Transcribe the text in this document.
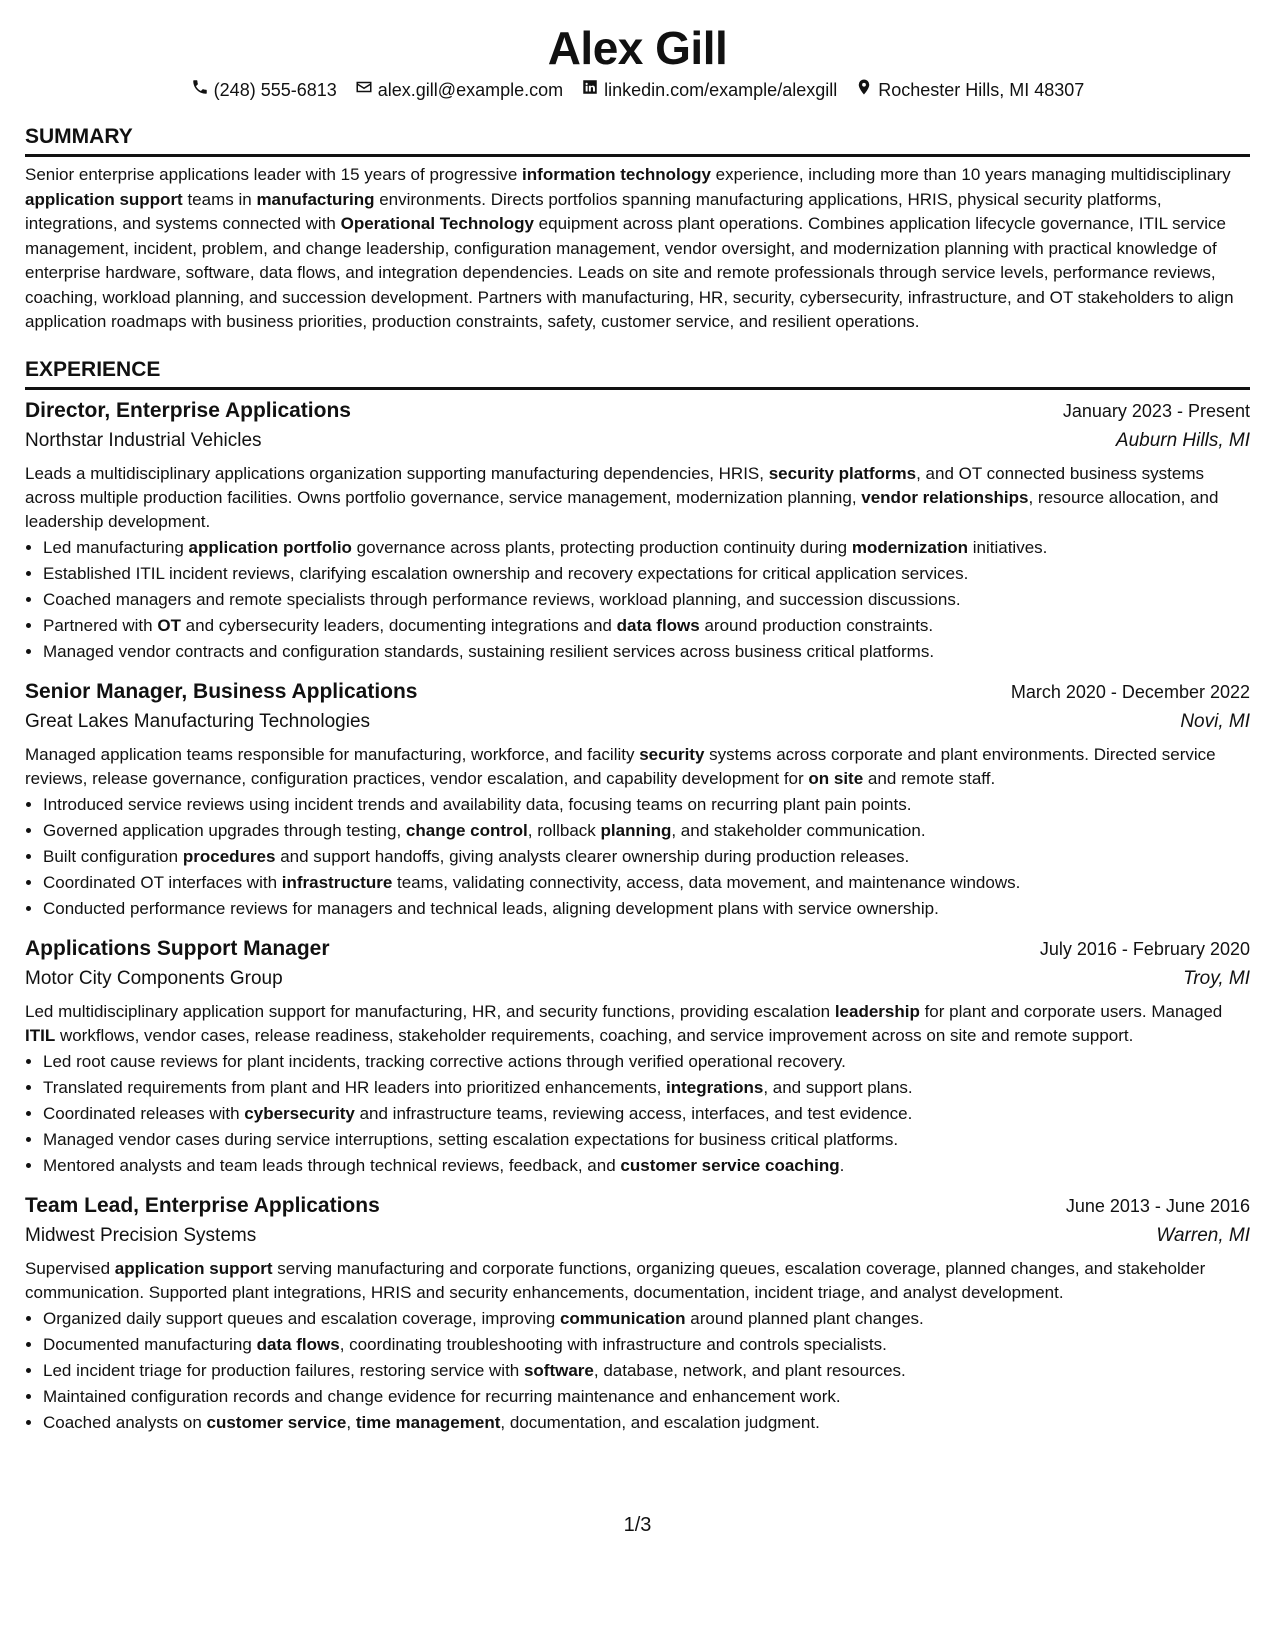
Alex Gill
(248) 555-6813 alex.gill@example.com linkedin.com/example/alexgill Rochester Hills, MI 48307
SUMMARY
Senior enterprise applications leader with 15 years of progressive information technology experience, including more than 10 years managing multidisciplinary application support teams in manufacturing environments. Directs portfolios spanning manufacturing applications, HRIS, physical security platforms, integrations, and systems connected with Operational Technology equipment across plant operations. Combines application lifecycle governance, ITIL service management, incident, problem, and change leadership, configuration management, vendor oversight, and modernization planning with practical knowledge of enterprise hardware, software, data flows, and integration dependencies. Leads on site and remote professionals through service levels, performance reviews, coaching, workload planning, and succession development. Partners with manufacturing, HR, security, cybersecurity, infrastructure, and OT stakeholders to align application roadmaps with business priorities, production constraints, safety, customer service, and resilient operations.
EXPERIENCE
Director, Enterprise Applications	January 2023 - Present
Northstar Industrial Vehicles	Auburn Hills, MI
Leads a multidisciplinary applications organization supporting manufacturing dependencies, HRIS, security platforms, and OT connected business systems across multiple production facilities. Owns portfolio governance, service management, modernization planning, vendor relationships, resource allocation, and leadership development.
• Led manufacturing application portfolio governance across plants, protecting production continuity during modernization initiatives.
• Established ITIL incident reviews, clarifying escalation ownership and recovery expectations for critical application services.
• Coached managers and remote specialists through performance reviews, workload planning, and succession discussions.
• Partnered with OT and cybersecurity leaders, documenting integrations and data flows around production constraints.
• Managed vendor contracts and configuration standards, sustaining resilient services across business critical platforms.
Senior Manager, Business Applications	March 2020 - December 2022
Great Lakes Manufacturing Technologies	Novi, MI
Managed application teams responsible for manufacturing, workforce, and facility security systems across corporate and plant environments. Directed service reviews, release governance, configuration practices, vendor escalation, and capability development for on site and remote staff.
• Introduced service reviews using incident trends and availability data, focusing teams on recurring plant pain points.
• Governed application upgrades through testing, change control, rollback planning, and stakeholder communication.
• Built configuration procedures and support handoffs, giving analysts clearer ownership during production releases.
• Coordinated OT interfaces with infrastructure teams, validating connectivity, access, data movement, and maintenance windows.
• Conducted performance reviews for managers and technical leads, aligning development plans with service ownership.
Applications Support Manager	July 2016 - February 2020
Motor City Components Group	Troy, MI
Led multidisciplinary application support for manufacturing, HR, and security functions, providing escalation leadership for plant and corporate users. Managed ITIL workflows, vendor cases, release readiness, stakeholder requirements, coaching, and service improvement across on site and remote support.
• Led root cause reviews for plant incidents, tracking corrective actions through verified operational recovery.
• Translated requirements from plant and HR leaders into prioritized enhancements, integrations, and support plans.
• Coordinated releases with cybersecurity and infrastructure teams, reviewing access, interfaces, and test evidence.
• Managed vendor cases during service interruptions, setting escalation expectations for business critical platforms.
• Mentored analysts and team leads through technical reviews, feedback, and customer service coaching.
Team Lead, Enterprise Applications	June 2013 - June 2016
Midwest Precision Systems	Warren, MI
Supervised application support serving manufacturing and corporate functions, organizing queues, escalation coverage, planned changes, and stakeholder communication. Supported plant integrations, HRIS and security enhancements, documentation, incident triage, and analyst development.
• Organized daily support queues and escalation coverage, improving communication around planned plant changes.
• Documented manufacturing data flows, coordinating troubleshooting with infrastructure and controls specialists.
• Led incident triage for production failures, restoring service with software, database, network, and plant resources.
• Maintained configuration records and change evidence for recurring maintenance and enhancement work.
• Coached analysts on customer service, time management, documentation, and escalation judgment.
1/3
